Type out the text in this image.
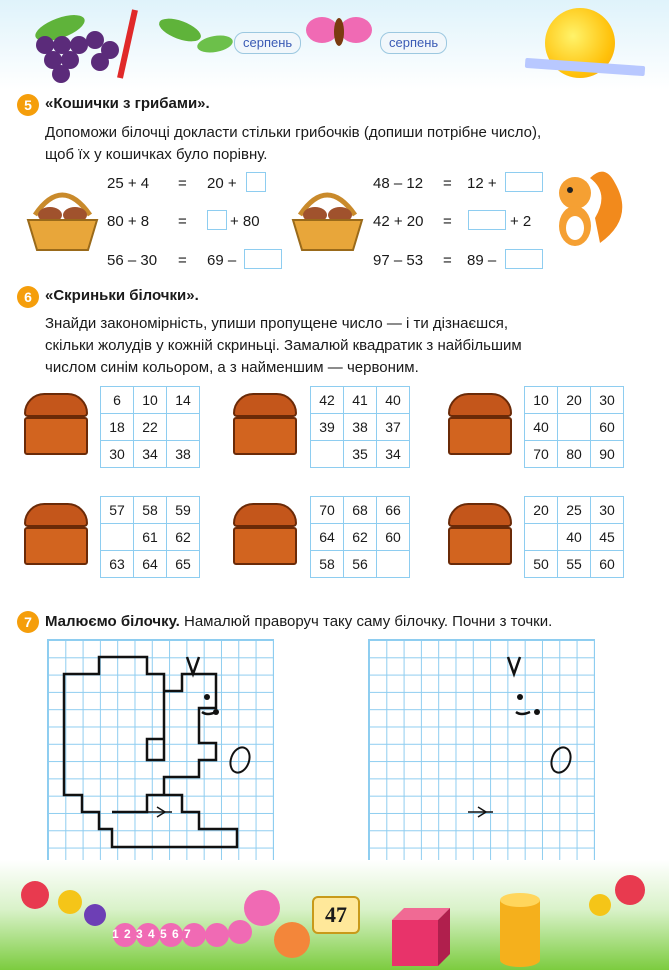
серпень	серпень
5 «Кошички з грибами».
Допоможи білочці докласти стільки грибочків (допиши потрібне число),
щоб їх у кошичках було порівну.
25 + 4 = 20 +
80 + 8 =	+ 80
56 – 30 = 69 –
48 – 12 = 12 +
42 + 20 =	+ 2
97 – 53 = 89 –
6 «Скриньки білочки».
Знайди закономірність, упиши пропущене число — і ти дізнаєшся,
скільки жолудів у кожній скриньці. Замалюй квадратик з найбільшим
числом синім кольором, а з найменшим — червоним.
6	10	14
18	22	
30	34	38
42	41	40
39	38	37
	35	34
10	20	30
40		60
70	80	90
57	58	59
	61	62
63	64	65
70	68	66
64	62	60
58	56	
20	25	30
	40	45
50	55	60
7 Малюємо білочку. Намалюй праворуч таку саму білочку. Почни з точки.
1 2 3 4 5 6 7
47
